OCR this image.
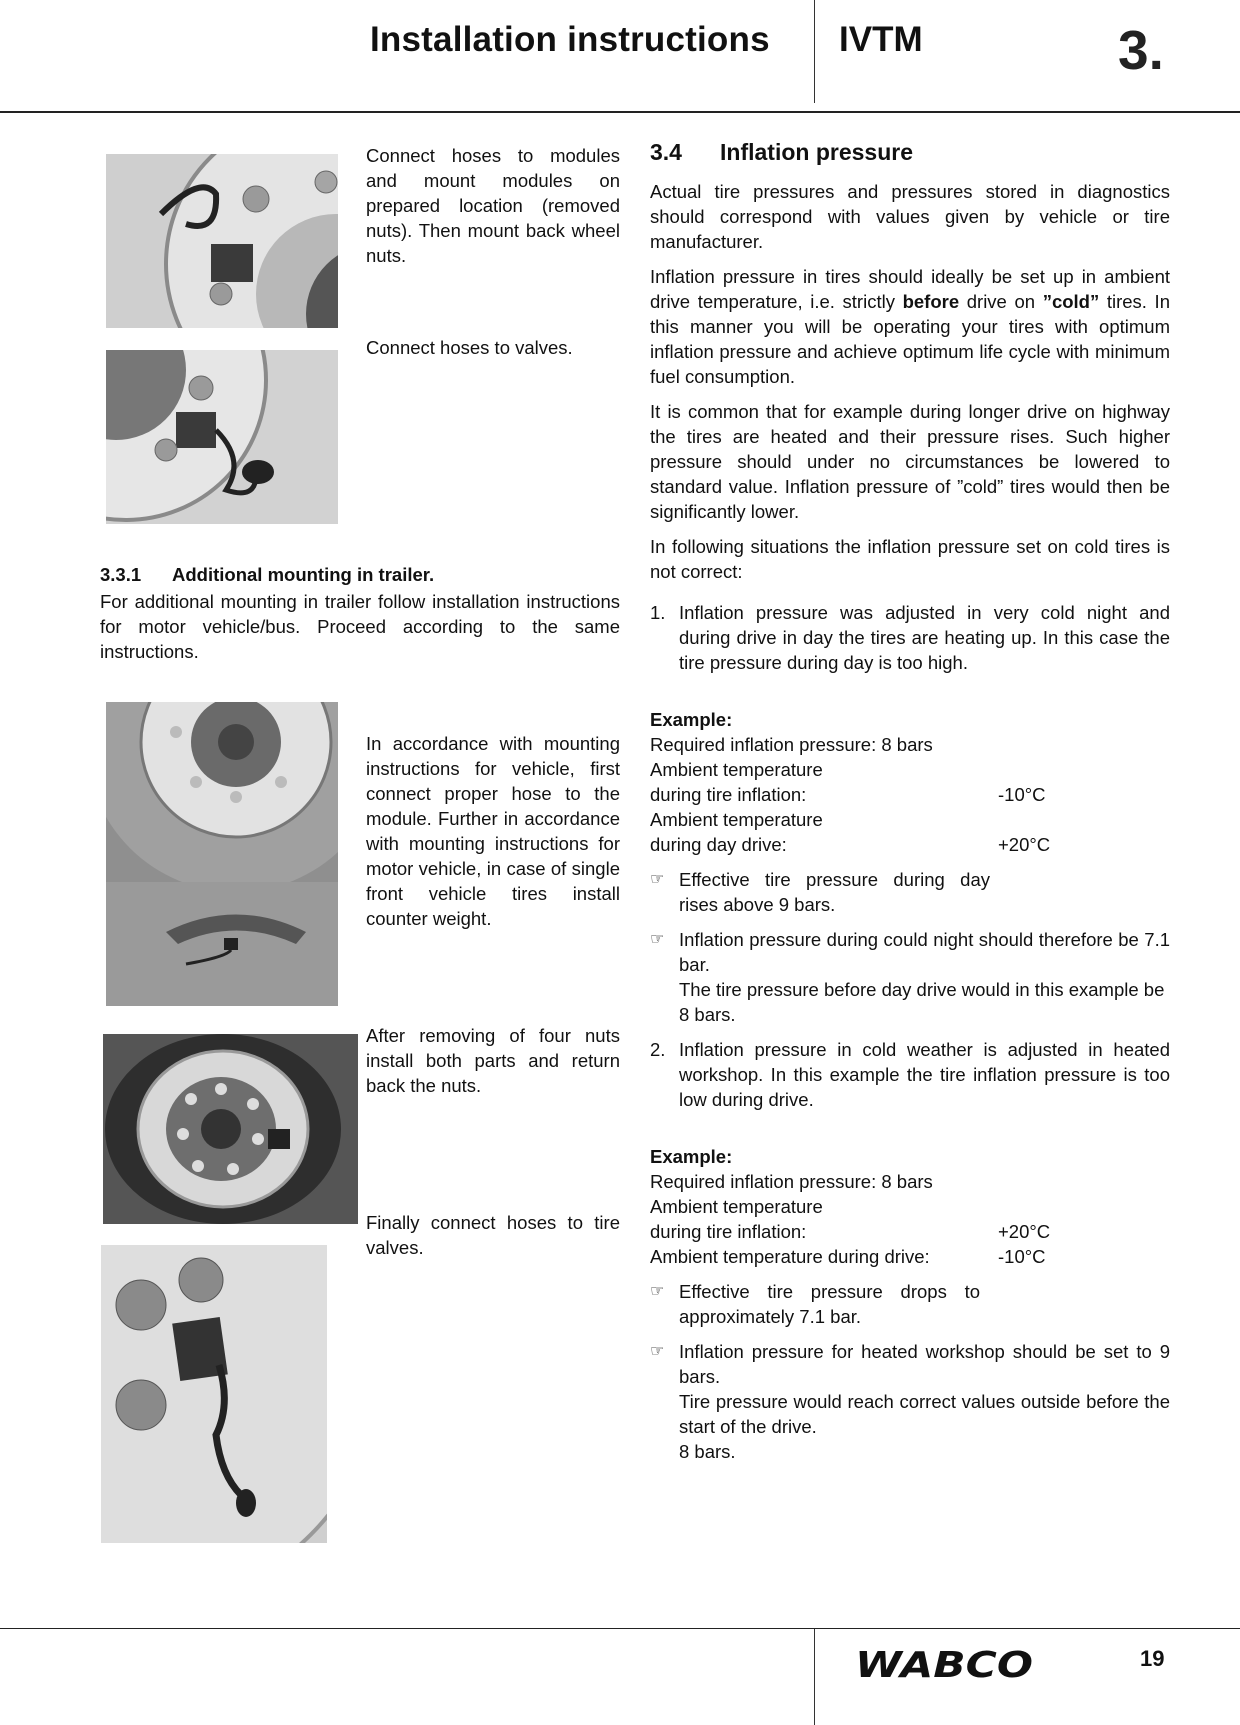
Installation instructions IVTM	3.
Connect hoses to modules and mount modules on prepared location (removed nuts). Then mount back wheel nuts.
Connect hoses to valves.
3.3.1 Additional mounting in trailer.
For additional mounting in trailer follow installation instructions for motor vehicle/bus. Proceed according to the same instructions.
In accordance with mounting instructions for vehicle, first connect proper hose to the module. Further in accordance with mounting instructions for motor vehicle, in case of single front vehicle tires install counter weight.
After removing of four nuts install both parts and return back the nuts.
Finally connect hoses to tire valves.
3.4 Inflation pressure

Actual tire pressures and pressures stored in diagnostics should correspond with values given by vehicle or tire manufacturer.

Inflation pressure in tires should ideally be set up in ambient drive temperature, i.e. strictly before drive on ”cold” tires. In this manner you will be operating your tires with optimum inflation pressure and achieve optimum life cycle with minimum fuel consumption.

It is common that for example during longer drive on highway the tires are heated and their pressure rises. Such higher pressure should under no circumstances be lowered to standard value. Inflation pressure of ”cold” tires would then be significantly lower.

In following situations the inflation pressure set on cold tires is not correct:

1. Inflation pressure was adjusted in very cold night and during drive in day the tires are heating up. In this case the tire pressure during day is too high.
Example:
Required inflation pressure: 8 bars
Ambient temperature
during tire inflation:	-10°C
Ambient temperature
during day drive:	+20°C
☞ Effective tire pressure during day rises above 9 bars.
☞ Inflation pressure during could night should therefore be 7.1 bar.
The tire pressure before day drive would in this example be
8 bars.
2. Inflation pressure in cold weather is adjusted in heated workshop. In this example the tire inflation pressure is too low during drive.
Example:
Required inflation pressure: 8 bars
Ambient temperature
during tire inflation:	+20°C
Ambient temperature during drive:	-10°C
☞ Effective tire pressure drops to approximately 7.1 bar.
☞ Inflation pressure for heated workshop should be set to 9 bars.
Tire pressure would reach correct values outside before the start of the drive.
8 bars.
WABCO	19
